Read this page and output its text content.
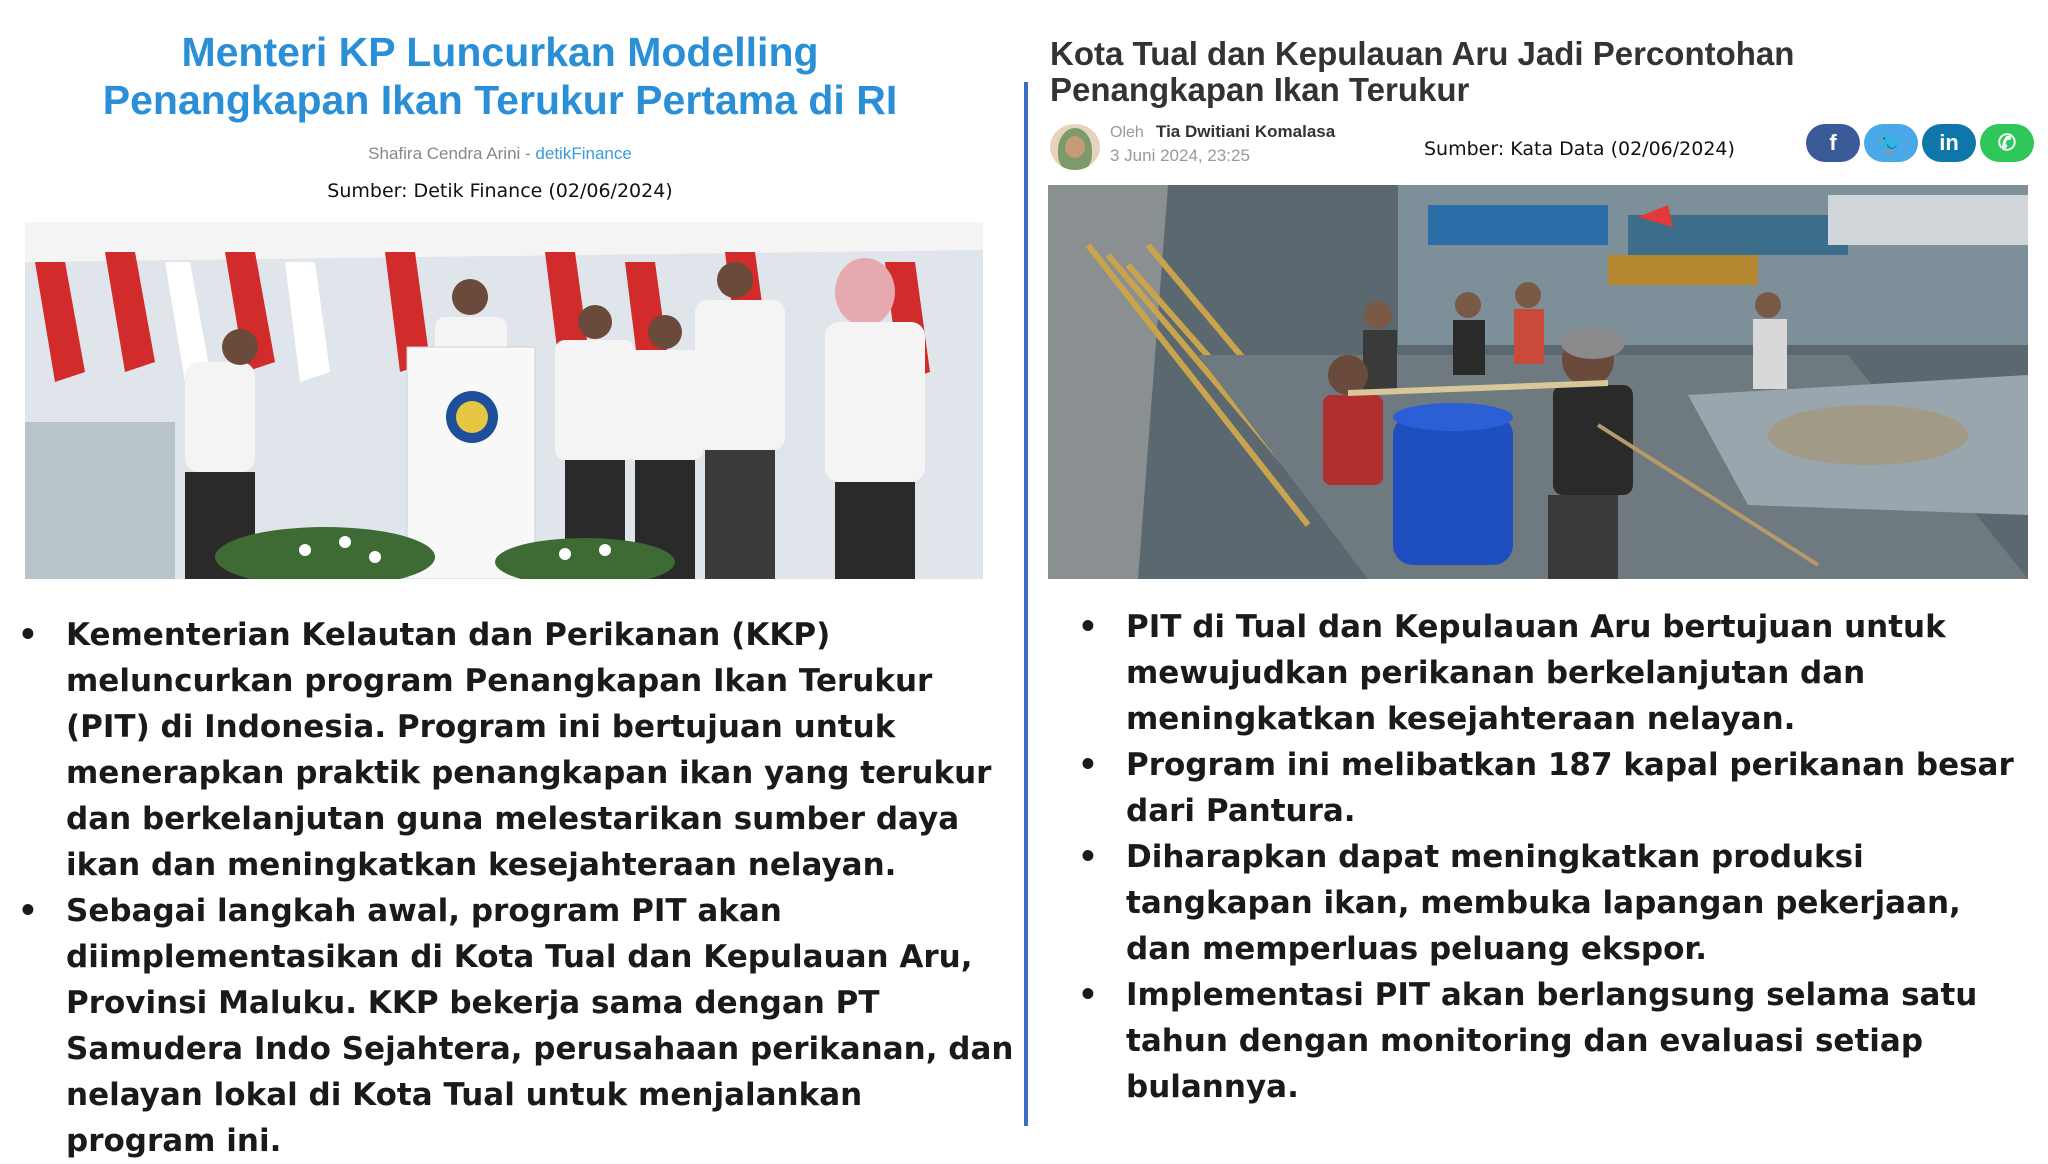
Menteri KP Luncurkan Modelling
Penangkapan Ikan Terukur Pertama di RI
Shafira Cendra Arini - detikFinance
Sumber: Detik Finance (02/06/2024)
• Kementerian Kelautan dan Perikanan (KKP) meluncurkan program Penangkapan Ikan Terukur (PIT) di Indonesia. Program ini bertujuan untuk menerapkan praktik penangkapan ikan yang terukur dan berkelanjutan guna melestarikan sumber daya ikan dan meningkatkan kesejahteraan nelayan.
• Sebagai langkah awal, program PIT akan diimplementasikan di Kota Tual dan Kepulauan Aru, Provinsi Maluku. KKP bekerja sama dengan PT Samudera Indo Sejahtera, perusahaan perikanan, dan nelayan lokal di Kota Tual untuk menjalankan program ini.
Kota Tual dan Kepulauan Aru Jadi Percontohan
Penangkapan Ikan Terukur
Oleh Tia Dwitiani Komalasa
3 Juni 2024, 23:25	Sumber: Kata Data (02/06/2024)	f	🐦	in	✆
• PIT di Tual dan Kepulauan Aru bertujuan untuk mewujudkan perikanan berkelanjutan dan meningkatkan kesejahteraan nelayan.
• Program ini melibatkan 187 kapal perikanan besar dari Pantura.
• Diharapkan dapat meningkatkan produksi tangkapan ikan, membuka lapangan pekerjaan, dan memperluas peluang ekspor.
• Implementasi PIT akan berlangsung selama satu tahun dengan monitoring dan evaluasi setiap bulannya.
